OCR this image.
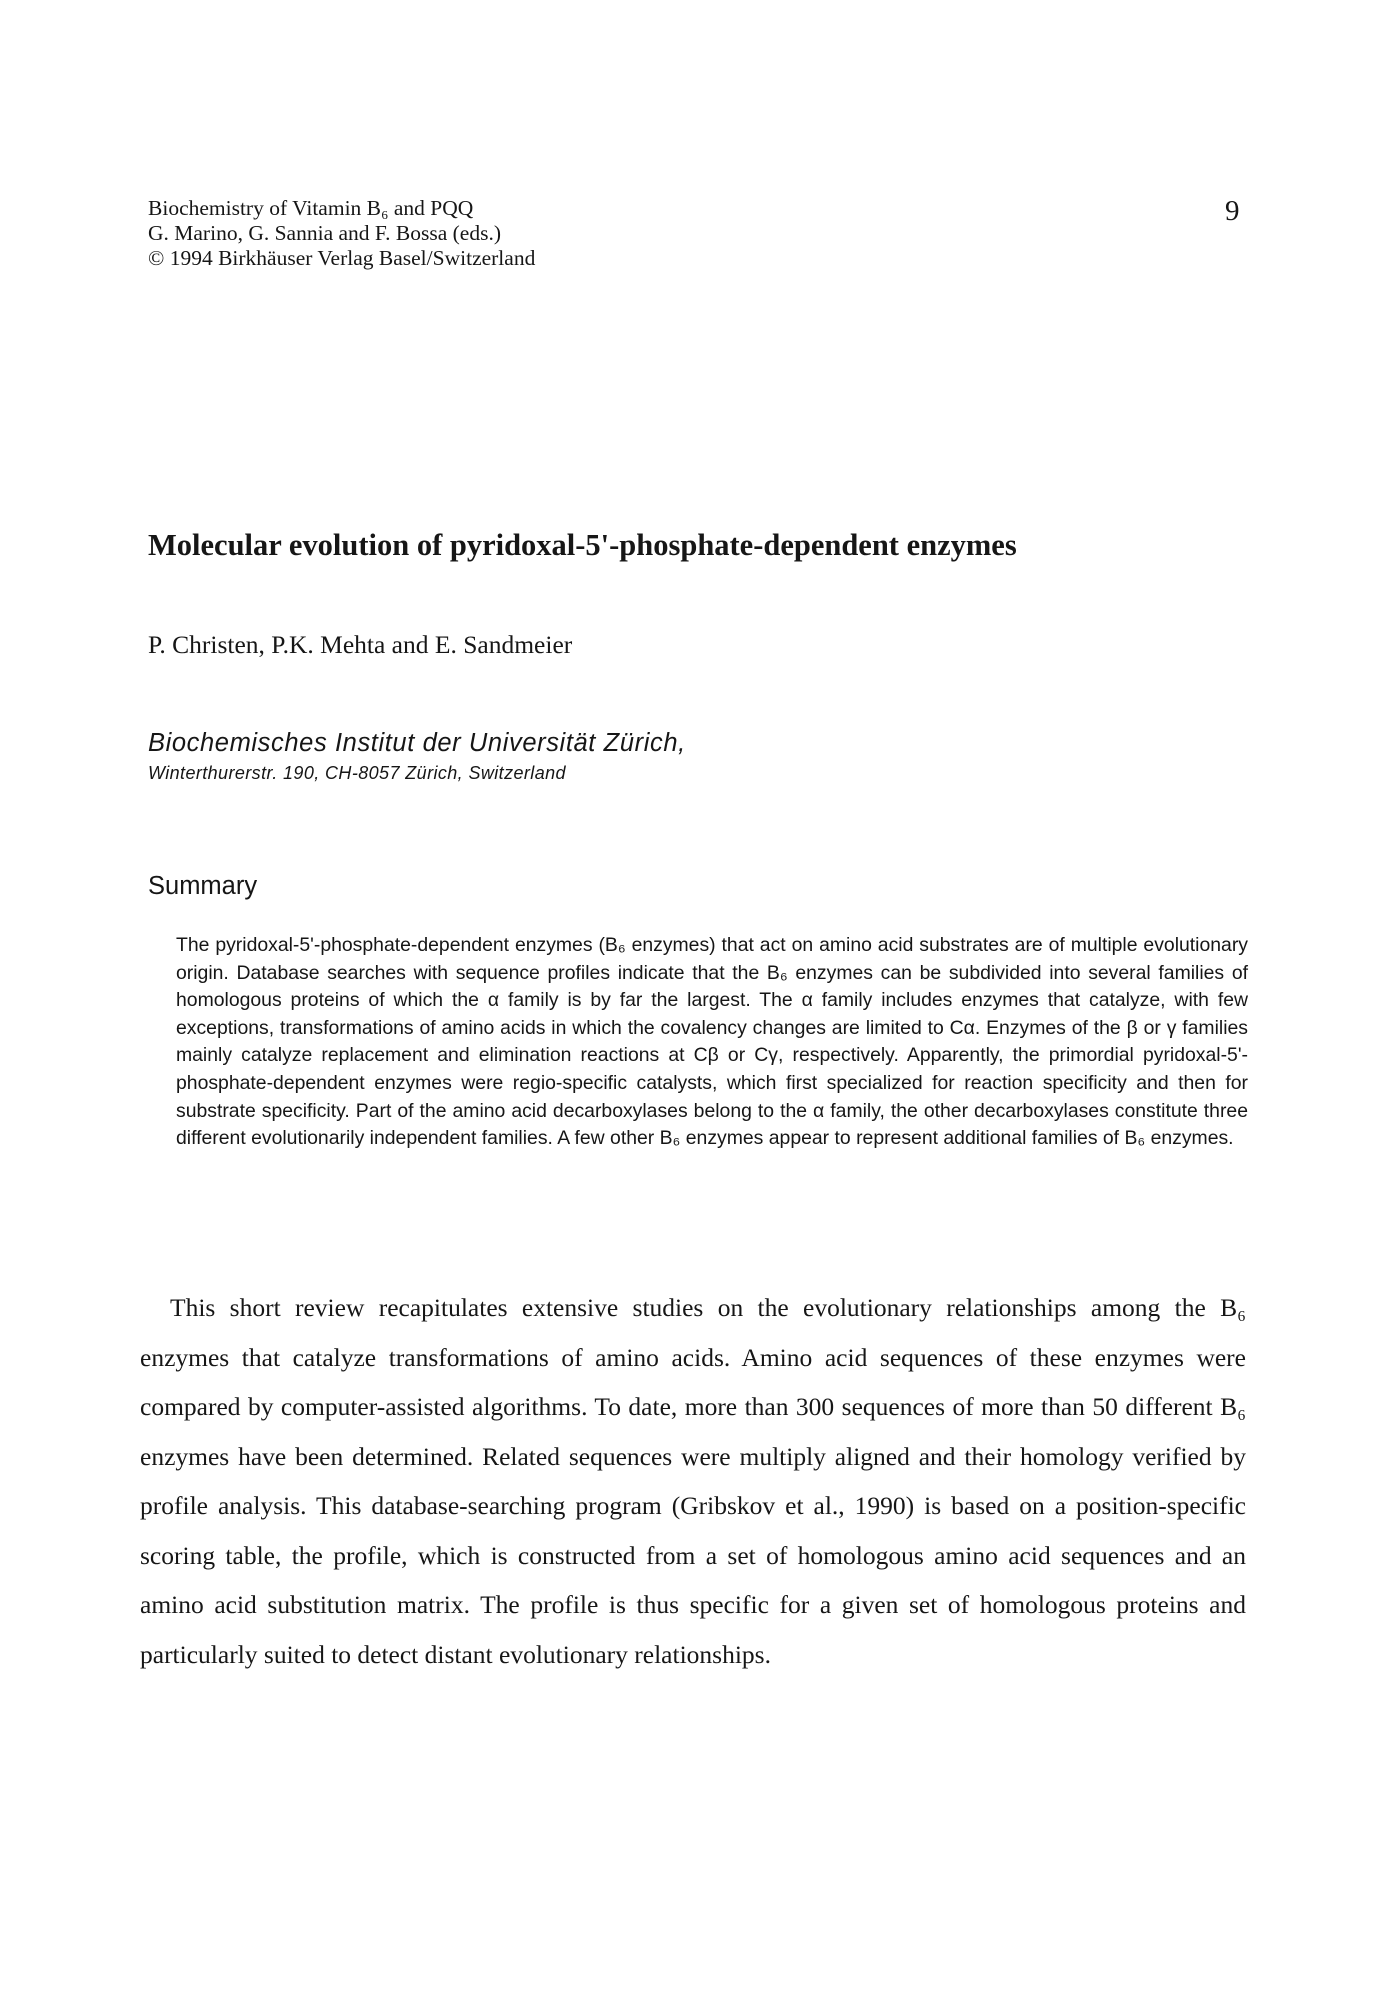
Biochemistry of Vitamin B₆ and PQQ
G. Marino, G. Sannia and F. Bossa (eds.)
© 1994 Birkhäuser Verlag Basel/Switzerland
9
Molecular evolution of pyridoxal-5'-phosphate-dependent enzymes
P. Christen, P.K. Mehta and E. Sandmeier
Biochemisches Institut der Universität Zürich,
Winterthurerstr. 190, CH-8057 Zürich, Switzerland
Summary

The pyridoxal-5'-phosphate-dependent enzymes (B₆ enzymes) that act on amino acid substrates are of multiple evolutionary origin. Database searches with sequence profiles indicate that the B₆ enzymes can be subdivided into several families of homologous proteins of which the α family is by far the largest. The α family includes enzymes that catalyze, with few exceptions, transformations of amino acids in which the covalency changes are limited to Cα. Enzymes of the β or γ families mainly catalyze replacement and elimination reactions at Cβ or Cγ, respectively. Apparently, the primordial pyridoxal-5'-phosphate-dependent enzymes were regio-specific catalysts, which first specialized for reaction specificity and then for substrate specificity. Part of the amino acid decarboxylases belong to the α family, the other decarboxylases constitute three different evolutionarily independent families. A few other B₆ enzymes appear to represent additional families of B₆ enzymes.

This short review recapitulates extensive studies on the evolutionary relationships among the B₆ enzymes that catalyze transformations of amino acids. Amino acid sequences of these enzymes were compared by computer-assisted algorithms. To date, more than 300 sequences of more than 50 different B₆ enzymes have been determined. Related sequences were multiply aligned and their homology verified by profile analysis. This database-searching program (Gribskov et al., 1990) is based on a position-specific scoring table, the profile, which is constructed from a set of homologous amino acid sequences and an amino acid substitution matrix. The profile is thus specific for a given set of homologous proteins and particularly suited to detect distant evolutionary relationships.
